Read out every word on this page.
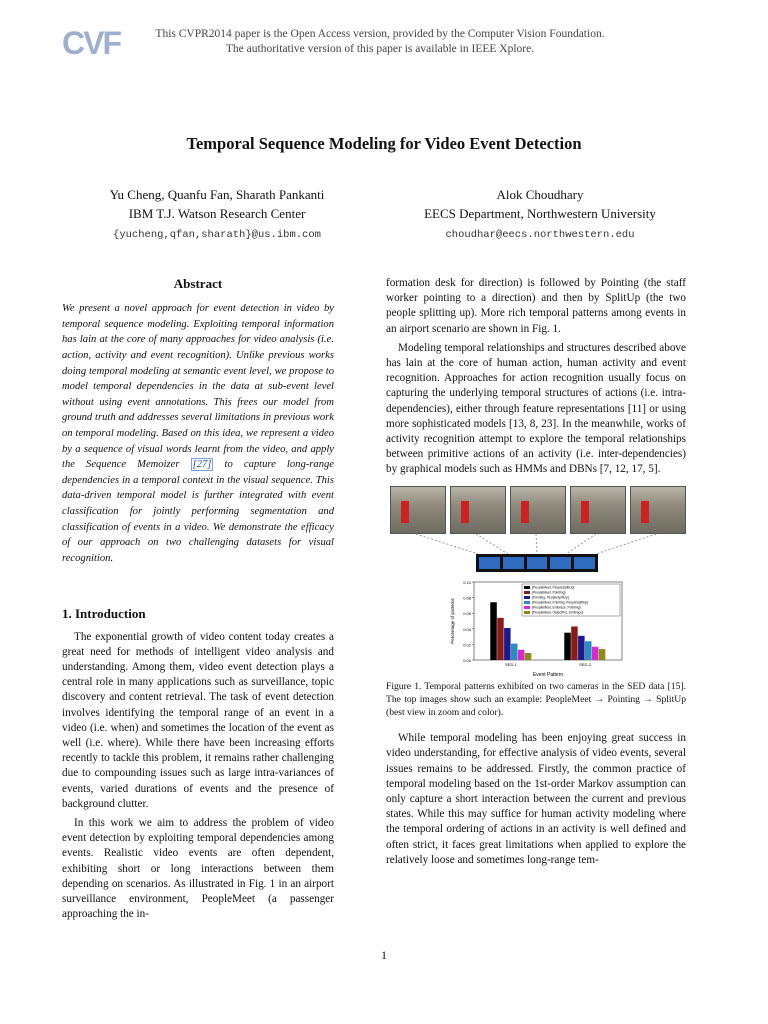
CVF	This CVPR2014 paper is the Open Access version, provided by the Computer Vision Foundation.
The authoritative version of this paper is available in IEEE Xplore.
Temporal Sequence Modeling for Video Event Detection
Yu Cheng, Quanfu Fan, Sharath Pankanti
IBM T.J. Watson Research Center
{yucheng,qfan,sharath}@us.ibm.com
Alok Choudhary
EECS Department, Northwestern University
choudhar@eecs.northwestern.edu
Abstract

We present a novel approach for event detection in video by temporal sequence modeling. Exploiting temporal information has lain at the core of many approaches for video analysis (i.e. action, activity and event recognition). Unlike previous works doing temporal modeling at semantic event level, we propose to model temporal dependencies in the data at sub-event level without using event annotations. This frees our model from ground truth and addresses several limitations in previous work on temporal modeling. Based on this idea, we represent a video by a sequence of visual words learnt from the video, and apply the Sequence Memoizer [27] to capture long-range dependencies in a temporal context in the visual sequence. This data-driven temporal model is further integrated with event classification for jointly performing segmentation and classification of events in a video. We demonstrate the efficacy of our approach on two challenging datasets for visual recognition.

1. Introduction

The exponential growth of video content today creates a great need for methods of intelligent video analysis and understanding. Among them, video event detection plays a central role in many applications such as surveillance, topic discovery and content retrieval. The task of event detection involves identifying the temporal range of an event in a video (i.e. when) and sometimes the location of the event as well (i.e. where). While there have been increasing efforts recently to tackle this problem, it remains rather challenging due to compounding issues such as large intra-variances of events, varied durations of events and the presence of background clutter.

In this work we aim to address the problem of video event detection by exploiting temporal dependencies among events. Realistic video events are often dependent, exhibiting short or long interactions between them depending on scenarios. As illustrated in Fig. 1 in an airport surveillance environment, PeopleMeet (a passenger approaching the in-

formation desk for direction) is followed by Pointing (the staff worker pointing to a direction) and then by SplitUp (the two people splitting up). More rich temporal patterns among events in an airport scenario are shown in Fig. 1.

Modeling temporal relationships and structures described above has lain at the core of human action, human activity and event recognition. Approaches for action recognition usually focus on capturing the underlying temporal structures of actions (i.e. intra-dependencies), either through feature representations [11] or using more sophisticated models [13, 8, 23]. In the meanwhile, works of activity recognition attempt to explore the temporal relationships between primitive actions of an activity (i.e. inter-dependencies) by graphical models such as HMMs and DBNs [7, 12, 17, 5].

0.00
0.02
0.04
0.06
0.08
0.10
SED-1	SED-2
Event Pattern
Percentage of patterns
{PeopleMeet, PeopleSplitUp}
{PeopleMeet, Pointing}
{Pointing, PeopleSplitUp}
{PeopleMeet, Pointing, PeopleSplitUp}
{PeopleMeet, Embrace, Pointing}
{PeopleMeet, ObjectPut, Embrace}
Figure 1. Temporal patterns exhibited on two cameras in the SED data [15]. The top images show such an example: PeopleMeet → Pointing → SplitUp (best view in zoom and color).

While temporal modeling has been enjoying great success in video understanding, for effective analysis of video events, several issues remains to be addressed. Firstly, the common practice of temporal modeling based on the 1st-order Markov assumption can only capture a short interaction between the current and previous states. While this may suffice for human activity modeling where the temporal ordering of actions in an activity is well defined and often strict, it faces great limitations when applied to explore the relatively loose and sometimes long-range tem-

1
